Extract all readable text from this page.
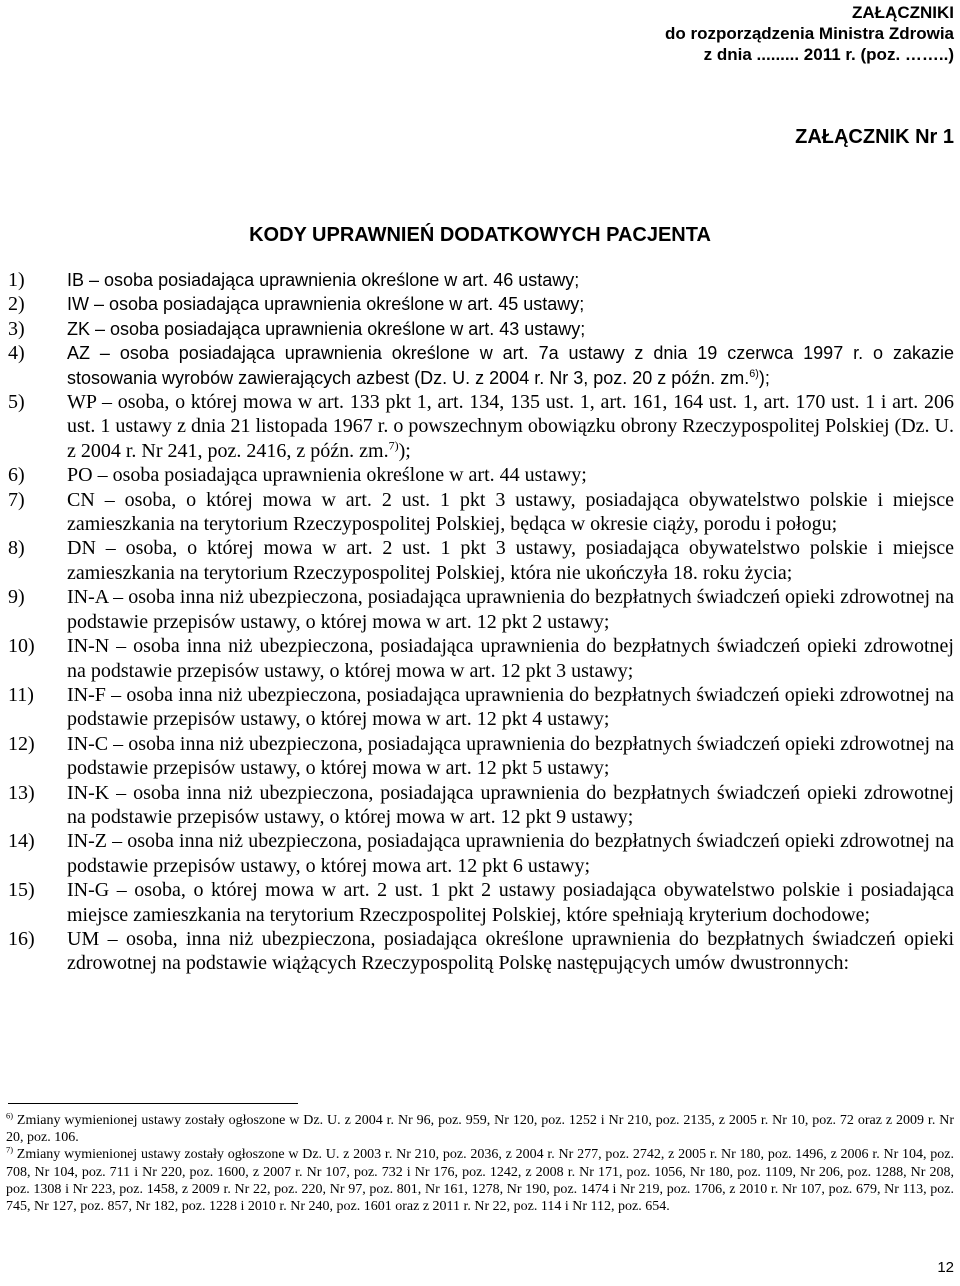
ZAŁĄCZNIKI
do rozporządzenia Ministra Zdrowia
z dnia ......... 2011 r. (poz. ……..)
ZAŁĄCZNIK Nr 1
KODY UPRAWNIEŃ DODATKOWYCH PACJENTA
1) IB – osoba posiadająca uprawnienia określone w art. 46 ustawy;
2) IW – osoba posiadająca uprawnienia określone w art. 45 ustawy;
3) ZK – osoba posiadająca uprawnienia określone w art. 43 ustawy;
4) AZ – osoba posiadająca uprawnienia określone w art. 7a ustawy z dnia 19 czerwca 1997 r. o zakazie stosowania wyrobów zawierających azbest (Dz. U. z 2004 r. Nr 3, poz. 20 z późn. zm.$^{6)}$);
5) WP – osoba, o której mowa w art. 133 pkt 1, art. 134, 135 ust. 1, art. 161, 164 ust. 1, art. 170 ust. 1 i art. 206 ust. 1 ustawy z dnia 21 listopada 1967 r. o powszechnym obowiązku obrony Rzeczypospolitej Polskiej (Dz. U. z 2004 r. Nr 241, poz. 2416, z późn. zm.$^{7)}$);
6) PO – osoba posiadająca uprawnienia określone w art. 44 ustawy;
7) CN – osoba, o której mowa w art. 2 ust. 1 pkt 3 ustawy, posiadająca obywatelstwo polskie i miejsce zamieszkania na terytorium Rzeczypospolitej Polskiej, będąca w okresie ciąży, porodu i połogu;
8) DN – osoba, o której mowa w art. 2 ust. 1 pkt 3 ustawy, posiadająca obywatelstwo polskie i miejsce zamieszkania na terytorium Rzeczypospolitej Polskiej, która nie ukończyła 18. roku życia;
9) IN-A – osoba inna niż ubezpieczona, posiadająca uprawnienia do bezpłatnych świadczeń opieki zdrowotnej na podstawie przepisów ustawy, o której mowa w art. 12 pkt 2 ustawy;
10) IN-N – osoba inna niż ubezpieczona, posiadająca uprawnienia do bezpłatnych świadczeń opieki zdrowotnej na podstawie przepisów ustawy, o której mowa w art. 12 pkt 3 ustawy;
11) IN-F – osoba inna niż ubezpieczona, posiadająca uprawnienia do bezpłatnych świadczeń opieki zdrowotnej na podstawie przepisów ustawy, o której mowa w art. 12 pkt 4 ustawy;
12) IN-C – osoba inna niż ubezpieczona, posiadająca uprawnienia do bezpłatnych świadczeń opieki zdrowotnej na podstawie przepisów ustawy, o której mowa w art. 12 pkt 5 ustawy;
13) IN-K – osoba inna niż ubezpieczona, posiadająca uprawnienia do bezpłatnych świadczeń opieki zdrowotnej na podstawie przepisów ustawy, o której mowa w art. 12 pkt 9 ustawy;
14) IN-Z – osoba inna niż ubezpieczona, posiadająca uprawnienia do bezpłatnych świadczeń opieki zdrowotnej na podstawie przepisów ustawy, o której mowa art. 12 pkt 6 ustawy;
15) IN-G – osoba, o której mowa w art. 2 ust. 1 pkt 2 ustawy posiadająca obywatelstwo polskie i posiadająca miejsce zamieszkania na terytorium Rzeczpospolitej Polskiej, które spełniają kryterium dochodowe;
16) UM – osoba, inna niż ubezpieczona, posiadająca określone uprawnienia do bezpłatnych świadczeń opieki zdrowotnej na podstawie wiążących Rzeczypospolitą Polskę następujących umów dwustronnych:
$^{6)}$ Zmiany wymienionej ustawy zostały ogłoszone w Dz. U. z 2004 r. Nr 96, poz. 959, Nr 120, poz. 1252 i Nr 210, poz. 2135, z 2005 r. Nr 10, poz. 72 oraz z 2009 r. Nr 20, poz. 106.
$^{7)}$ Zmiany wymienionej ustawy zostały ogłoszone w Dz. U. z 2003 r. Nr 210, poz. 2036, z 2004 r. Nr 277, poz. 2742, z 2005 r. Nr 180, poz. 1496, z 2006 r. Nr 104, poz. 708, Nr 104, poz. 711 i Nr 220, poz. 1600, z 2007 r. Nr 107, poz. 732 i Nr 176, poz. 1242, z 2008 r. Nr 171, poz. 1056, Nr 180, poz. 1109, Nr 206, poz. 1288, Nr 208, poz. 1308 i Nr 223, poz. 1458, z 2009 r. Nr 22, poz. 220, Nr 97, poz. 801, Nr 161, 1278, Nr 190, poz. 1474 i Nr 219, poz. 1706, z 2010 r. Nr 107, poz. 679, Nr 113, poz. 745, Nr 127, poz. 857, Nr 182, poz. 1228 i 2010 r. Nr 240, poz. 1601 oraz z 2011 r. Nr 22, poz. 114 i Nr 112, poz. 654.
12
